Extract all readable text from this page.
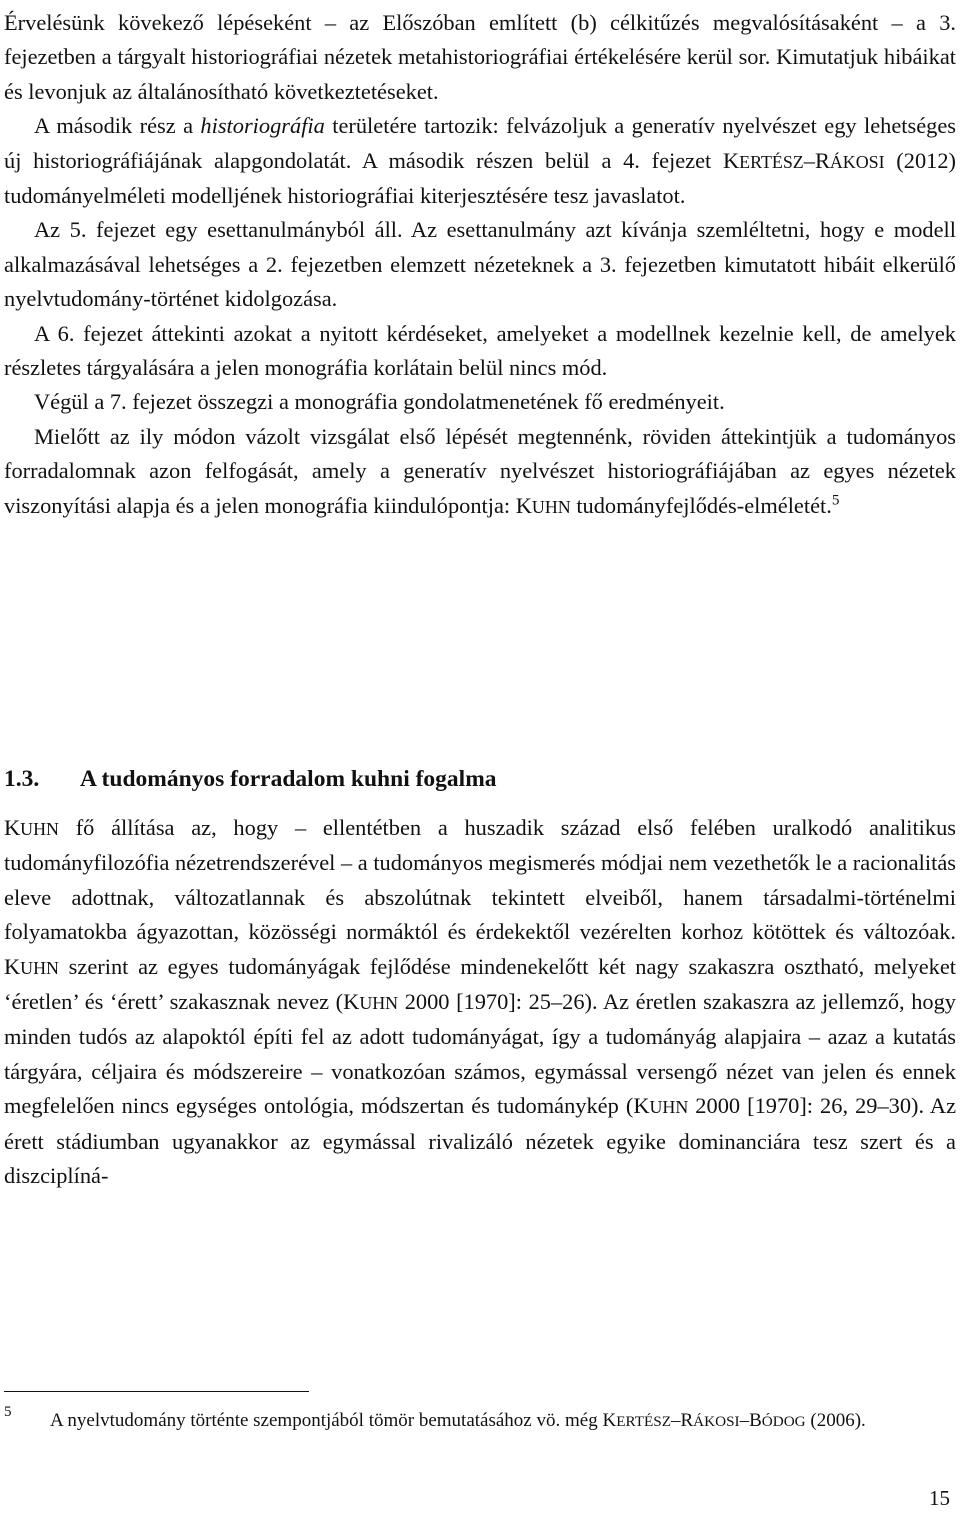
Érvelésünk kövekező lépéseként – az Előszóban említett (b) célkitűzés megvalósításaként – a 3. fejezetben a tárgyalt historiográfiai nézetek metahistoriográfiai értékelésére kerül sor. Kimutatjuk hibáikat és levonjuk az általánosítható következtetéseket.

A második rész a historiográfia területére tartozik: felvázoljuk a generatív nyelvészet egy lehetséges új historiográfiájának alapgondolatát. A második részen belül a 4. fejezet KERTÉSZ–RÁKOSI (2012) tudományelméleti modelljének historiográfiai kiterjesztésére tesz javaslatot.

Az 5. fejezet egy esettanulmányból áll. Az esettanulmány azt kívánja szemléltetni, hogy e modell alkalmazásával lehetséges a 2. fejezetben elemzett nézeteknek a 3. fejezetben kimutatott hibáit elkerülő nyelvtudomány-történet kidolgozása.

A 6. fejezet áttekinti azokat a nyitott kérdéseket, amelyeket a modellnek kezelnie kell, de amelyek részletes tárgyalására a jelen monográfia korlátain belül nincs mód.

Végül a 7. fejezet összegzi a monográfia gondolatmenetének fő eredményeit.

Mielőtt az ily módon vázolt vizsgálat első lépését megtennénk, röviden áttekintjük a tudományos forradalomnak azon felfogását, amely a generatív nyelvészet historiográfiájában az egyes nézetek viszonyítási alapja és a jelen monográfia kiindulópontja: KUHN tudományfejlődés-elméletét.$^5$

1.3. A tudományos forradalom kuhni fogalma

KUHN fő állítása az, hogy – ellentétben a huszadik század első felében uralkodó analitikus tudományfilozófia nézetrendszerével – a tudományos megismerés módjai nem vezethetők le a racionalitás eleve adottnak, változatlannak és abszolútnak tekintett elveiből, hanem társadalmi-történelmi folyamatokba ágyazottan, közösségi normáktól és érdekektől vezérelten korhoz kötöttek és változóak. KUHN szerint az egyes tudományágak fejlődése mindenekelőtt két nagy szakaszra osztható, melyeket ‘éretlen’ és ‘érett’ szakasznak nevez (KUHN 2000 [1970]: 25–26). Az éretlen szakaszra az jellemző, hogy minden tudós az alapoktól építi fel az adott tudományágat, így a tudományág alapjaira – azaz a kutatás tárgyára, céljaira és módszereire – vonatkozóan számos, egymással versengő nézet van jelen és ennek megfelelően nincs egységes ontológia, módszertan és tudománykép (KUHN 2000 [1970]: 26, 29–30). Az érett stádiumban ugyanakkor az egymással rivalizáló nézetek egyike dominanciára tesz szert és a diszciplíná-

5 A nyelvtudomány történte szempontjából tömör bemutatásához vö. még KERTÉSZ–RÁKOSI–BÓDOG (2006).

15
